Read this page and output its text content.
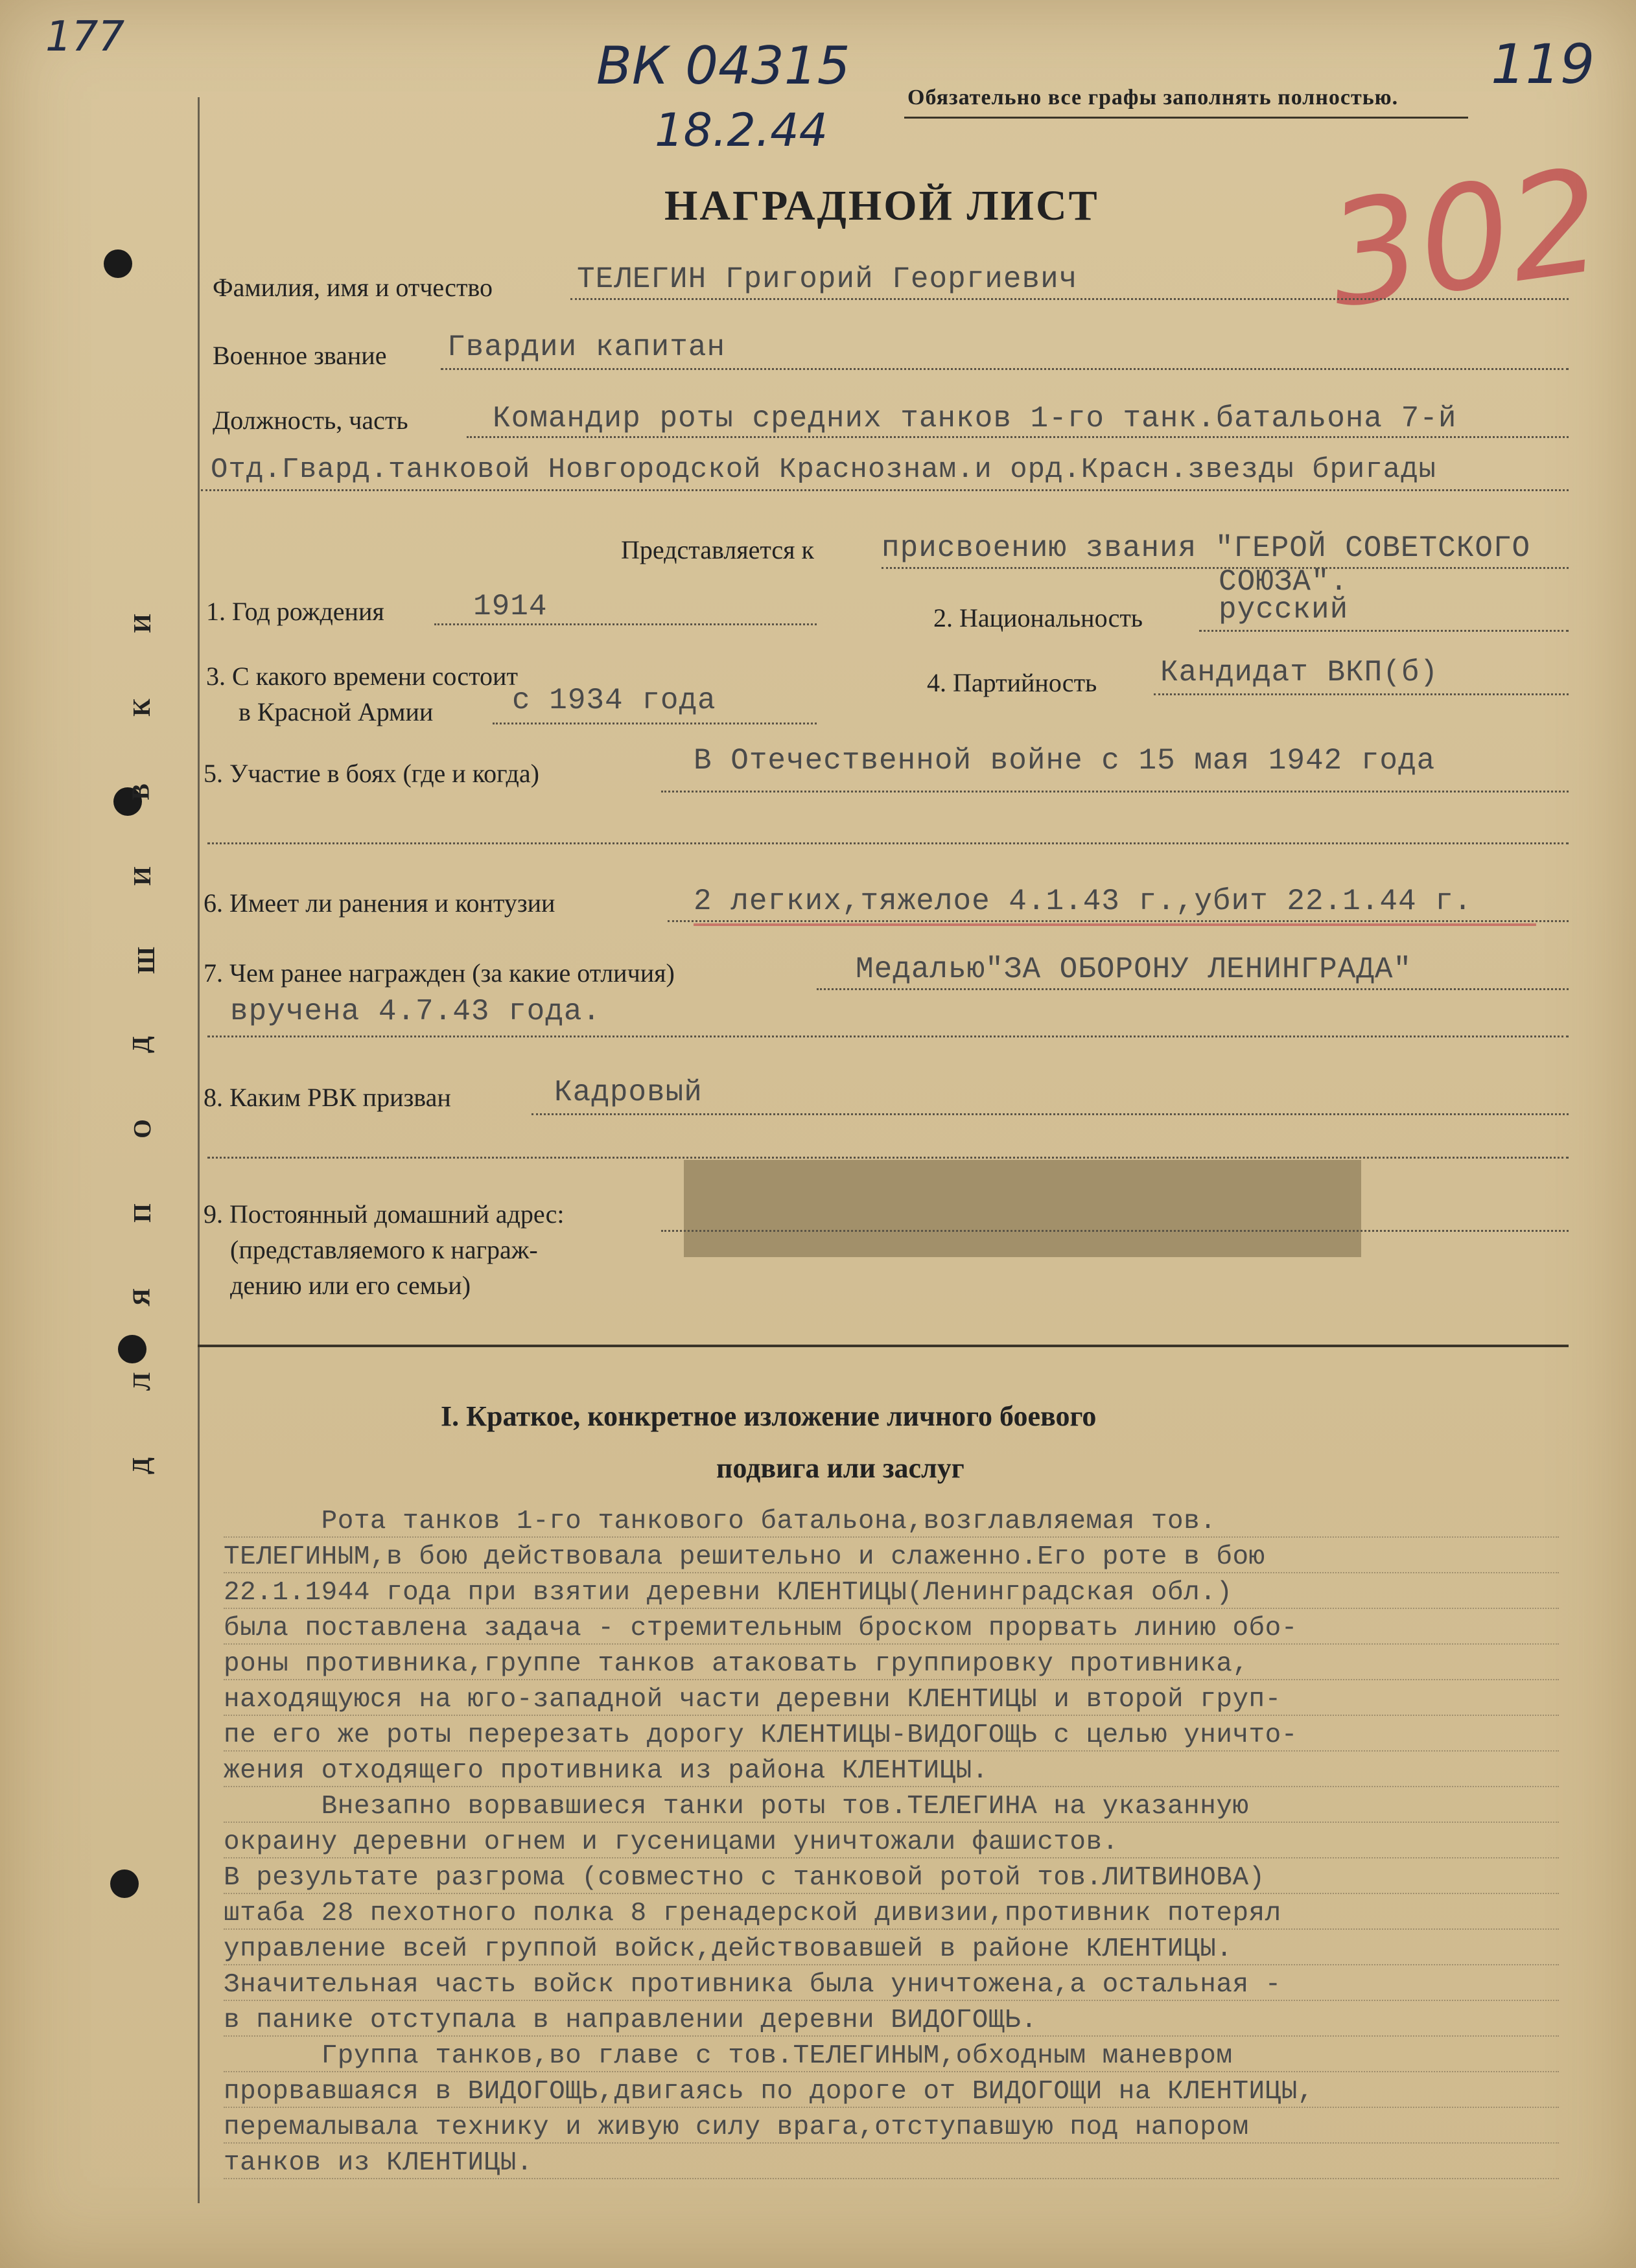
177	ВК 04315
18.2.44
119
302
Обязательно все графы заполнять полностью.
НАГРАДНОЙ ЛИСТ
Фамилия, имя и отчество	ТЕЛЕГИН Григорий Георгиевич
Военное звание Гвардии капитан
Должность, часть	Командир роты средних танков 1-го танк.батальона 7-й
Отд.Гвард.танковой Новгородской Краснознам.и орд.Красн.звезды бригады
Представляется к присвоению звания "ГЕРОЙ СОВЕТСКОГО
СОЮЗА".
1. Год рождения	1914	2. Национальность	русский
3. С какого времени состоит
в Красной Армии	с 1934 года
4. Партийность Кандидат ВКП(б)
5. Участие в боях (где и когда)	В Отечественной войне с 15 мая 1942 года
6. Имеет ли ранения и контузии	2 легких,тяжелое 4.1.43 г.,убит 22.1.44 г.
7. Чем ранее награжден (за какие отличия)	Медалью"ЗА ОБОРОНУ ЛЕНИНГРАДА"
вручена 4.7.43 года.
8. Каким РВК призван	Кадровый
9. Постоянный домашний адрес:
(представляемого к награж-
дению или его семьи)
Д
Л
Я
П
О
Д
Ш
И
В
К
И
I. Краткое, конкретное изложение личного боевого
подвига или заслуг
Рота танков 1-го танкового батальона,возглавляемая тов.
ТЕЛЕГИНЫМ,в бою действовала решительно и слаженно.Его роте в бою
22.1.1944 года при взятии деревни КЛЕНТИЦЫ(Ленинградская обл.)
была поставлена задача - стремительным броском прорвать линию обо-
роны противника,группе танков атаковать группировку противника,
находящуюся на юго-западной части деревни КЛЕНТИЦЫ и второй груп-
пе его же роты перерезать дорогу КЛЕНТИЦЫ-ВИДОГОЩЬ с целью уничто-
жения отходящего противника из района КЛЕНТИЦЫ.
Внезапно ворвавшиеся танки роты тов.ТЕЛЕГИНА на указанную
окраину деревни огнем и гусеницами уничтожали фашистов.
В результате разгрома (совместно с танковой ротой тов.ЛИТВИНОВА)
штаба 28 пехотного полка 8 гренадерской дивизии,противник потерял
управление всей группой войск,действовавшей в районе КЛЕНТИЦЫ.
Значительная часть войск противника была уничтожена,а остальная -
в панике отступала в направлении деревни ВИДОГОЩЬ.
Группа танков,во главе с тов.ТЕЛЕГИНЫМ,обходным маневром
прорвавшаяся в ВИДОГОЩЬ,двигаясь по дороге от ВИДОГОЩИ на КЛЕНТИЦЫ,
перемалывала технику и живую силу врага,отступавшую под напором
танков из КЛЕНТИЦЫ.
